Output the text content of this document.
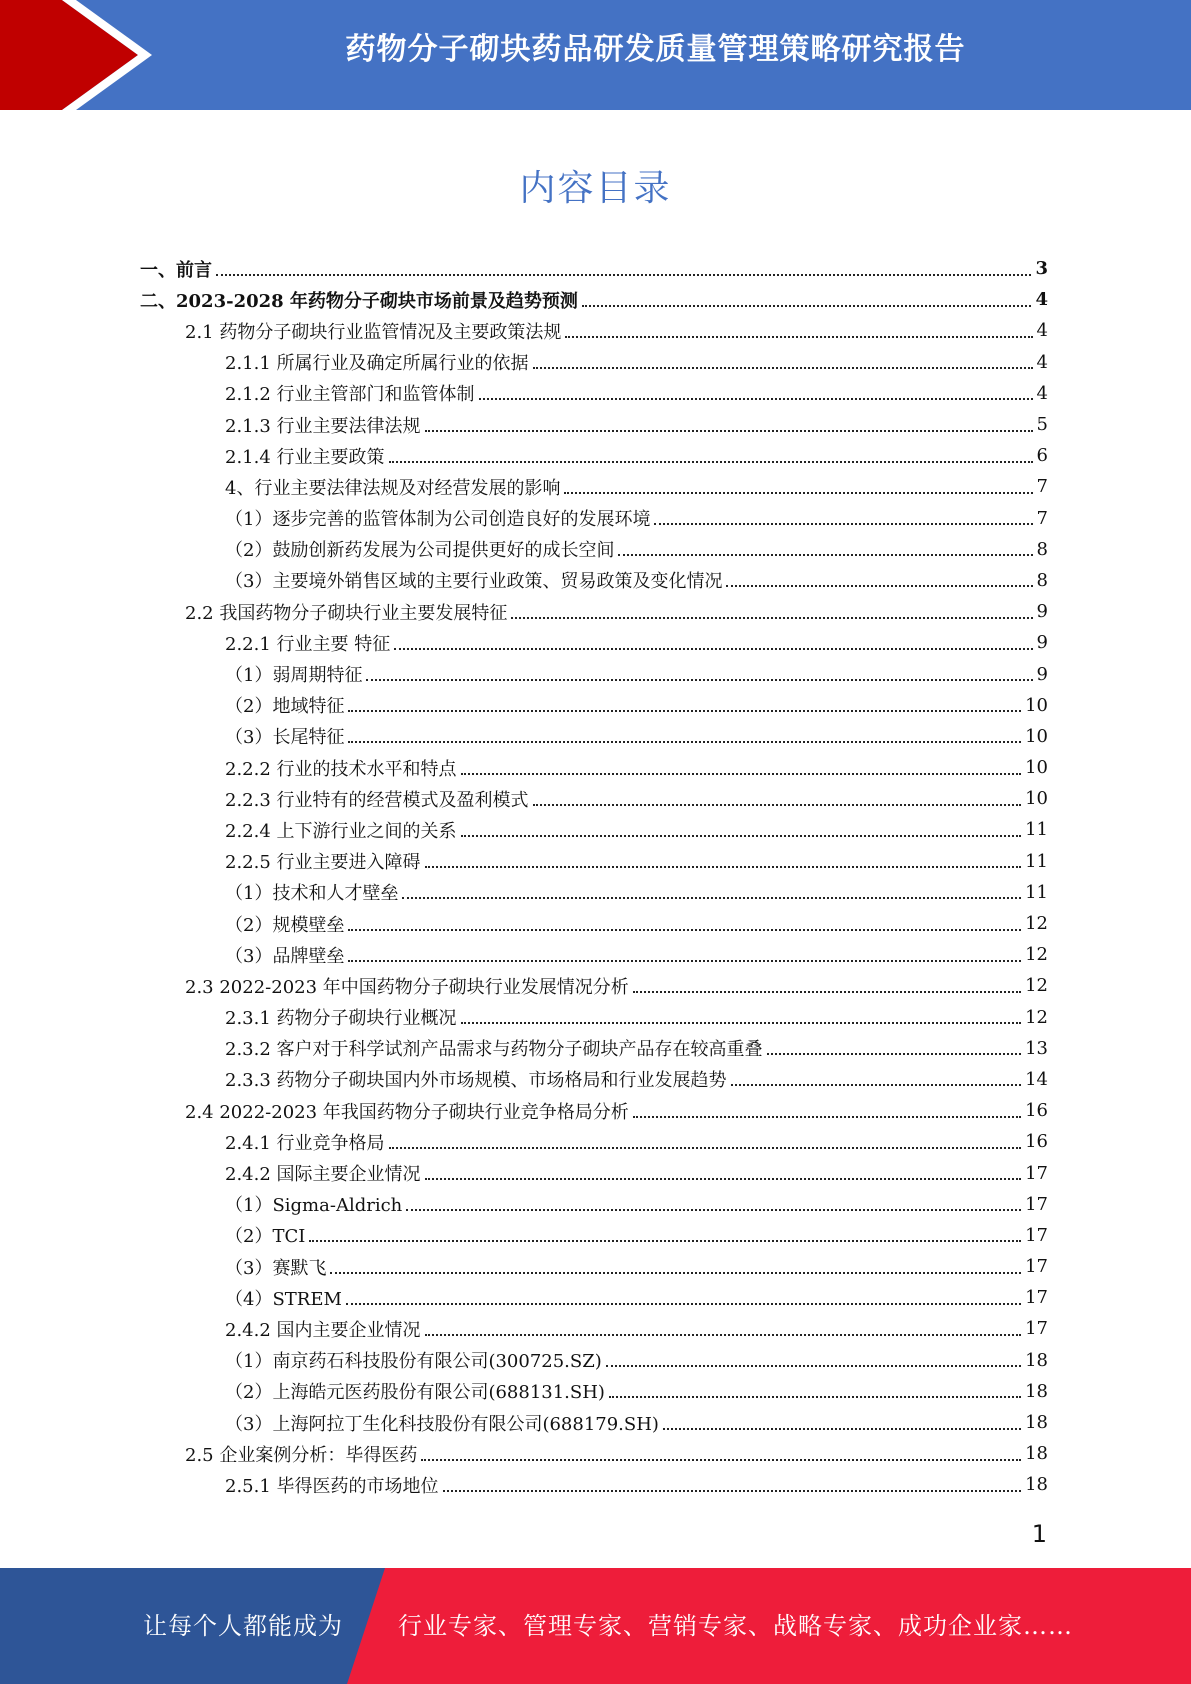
药物分子砌块药品研发质量管理策略研究报告
内容目录
一、前言	3
二、2023-2028 年药物分子砌块市场前景及趋势预测	4
2.1 药物分子砌块行业监管情况及主要政策法规	4
2.1.1 所属行业及确定所属行业的依据	4
2.1.2 行业主管部门和监管体制	4
2.1.3 行业主要法律法规	5
2.1.4 行业主要政策	6
4、行业主要法律法规及对经营发展的影响	7
（1）逐步完善的监管体制为公司创造良好的发展环境	7
（2）鼓励创新药发展为公司提供更好的成长空间	8
（3）主要境外销售区域的主要行业政策、贸易政策及变化情况	8
2.2 我国药物分子砌块行业主要发展特征	9
2.2.1 行业主要 特征	9
（1）弱周期特征	9
（2）地域特征	10
（3）长尾特征	10
2.2.2 行业的技术水平和特点	10
2.2.3 行业特有的经营模式及盈利模式	10
2.2.4 上下游行业之间的关系	11
2.2.5 行业主要进入障碍	11
（1）技术和人才壁垒	11
（2）规模壁垒	12
（3）品牌壁垒	12
2.3 2022-2023 年中国药物分子砌块行业发展情况分析	12
2.3.1 药物分子砌块行业概况	12
2.3.2 客户对于科学试剂产品需求与药物分子砌块产品存在较高重叠	13
2.3.3 药物分子砌块国内外市场规模、市场格局和行业发展趋势	14
2.4 2022-2023 年我国药物分子砌块行业竞争格局分析	16
2.4.1 行业竞争格局	16
2.4.2 国际主要企业情况	17
（1）Sigma-Aldrich	17
（2）TCI	17
（3）赛默飞	17
（4）STREM	17
2.4.2 国内主要企业情况	17
（1）南京药石科技股份有限公司(300725.SZ)	18
（2）上海皓元医药股份有限公司(688131.SH)	18
（3）上海阿拉丁生化科技股份有限公司(688179.SH)	18
2.5 企业案例分析：毕得医药	18
2.5.1 毕得医药的市场地位	18
1
让每个人都能成为 行业专家、管理专家、营销专家、战略专家、成功企业家……
